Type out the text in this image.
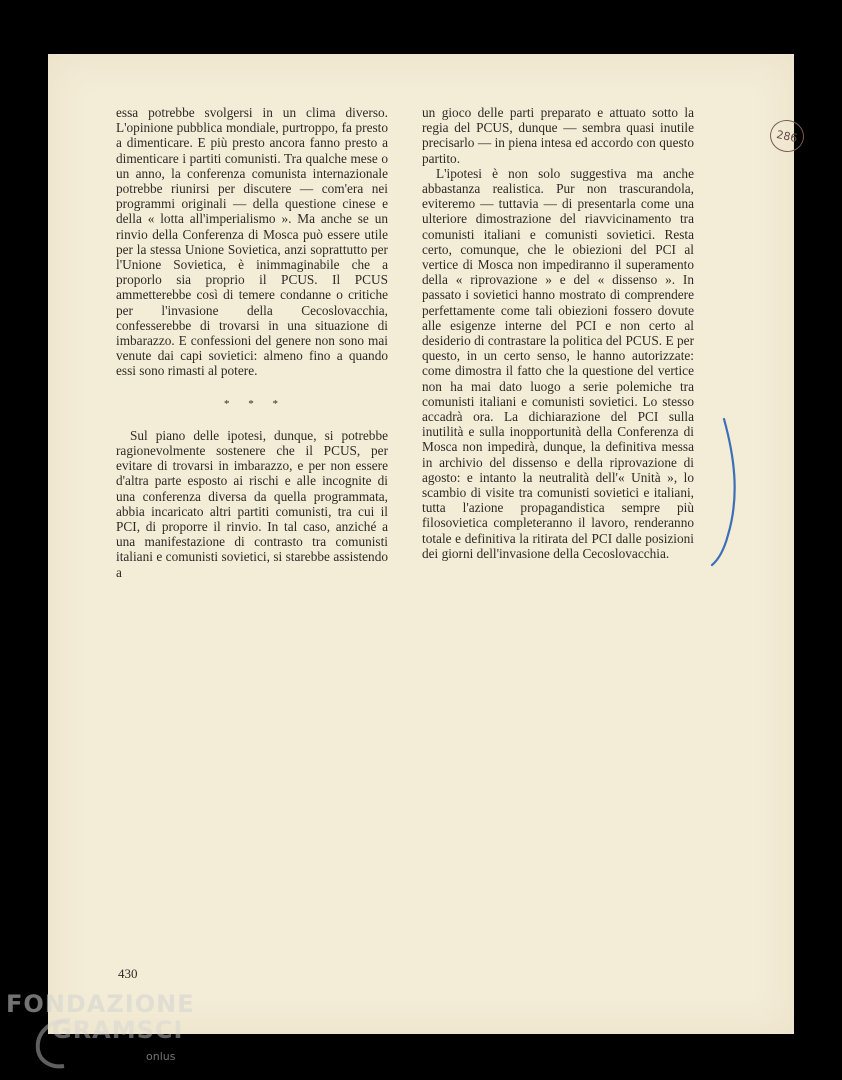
286

essa potrebbe svolgersi in un clima diverso. L'opinione pubblica mondiale, purtroppo, fa presto a dimenticare. E più presto ancora fanno presto a dimenticare i partiti comunisti. Tra qualche mese o un anno, la conferenza comunista internazionale potrebbe riunirsi per discutere — com'era nei programmi originali — della questione cinese e della « lotta all'imperialismo ». Ma anche se un rinvio della Conferenza di Mosca può essere utile per la stessa Unione Sovietica, anzi soprattutto per l'Unione Sovietica, è inimmaginabile che a proporlo sia proprio il PCUS. Il PCUS ammetterebbe così di temere condanne o critiche per l'invasione della Cecoslovacchia, confesserebbe di trovarsi in una situazione di imbarazzo. E confessioni del genere non sono mai venute dai capi sovietici: almeno fino a quando essi sono rimasti al potere.

* * *

Sul piano delle ipotesi, dunque, si potrebbe ragionevolmente sostenere che il PCUS, per evitare di trovarsi in imbarazzo, e per non essere d'altra parte esposto ai rischi e alle incognite di una conferenza diversa da quella programmata, abbia incaricato altri partiti comunisti, tra cui il PCI, di proporre il rinvio. In tal caso, anziché a una manifestazione di contrasto tra comunisti italiani e comunisti sovietici, si starebbe assistendo a

un gioco delle parti preparato e attuato sotto la regia del PCUS, dunque — sembra quasi inutile precisarlo — in piena intesa ed accordo con questo partito.

L'ipotesi è non solo suggestiva ma anche abbastanza realistica. Pur non trascurandola, eviteremo — tuttavia — di presentarla come una ulteriore dimostrazione del riavvicinamento tra comunisti italiani e comunisti sovietici. Resta certo, comunque, che le obiezioni del PCI al vertice di Mosca non impediranno il superamento della « riprovazione » e del « dissenso ». In passato i sovietici hanno mostrato di comprendere perfettamente come tali obiezioni fossero dovute alle esigenze interne del PCI e non certo al desiderio di contrastare la politica del PCUS. E per questo, in un certo senso, le hanno autorizzate: come dimostra il fatto che la questione del vertice non ha mai dato luogo a serie polemiche tra comunisti italiani e comunisti sovietici. Lo stesso accadrà ora. La dichiarazione del PCI sulla inutilità e sulla inopportunità della Conferenza di Mosca non impedirà, dunque, la definitiva messa in archivio del dissenso e della riprovazione di agosto: e intanto la neutralità dell'« Unità », lo scambio di visite tra comunisti sovietici e italiani, tutta l'azione propagandistica sempre più filosovietica completeranno il lavoro, renderanno totale e definitiva la ritirata del PCI dalle posizioni dei giorni dell'invasione della Cecoslovacchia.

430
FONDAZIONE
GRAMSCI
onlus
